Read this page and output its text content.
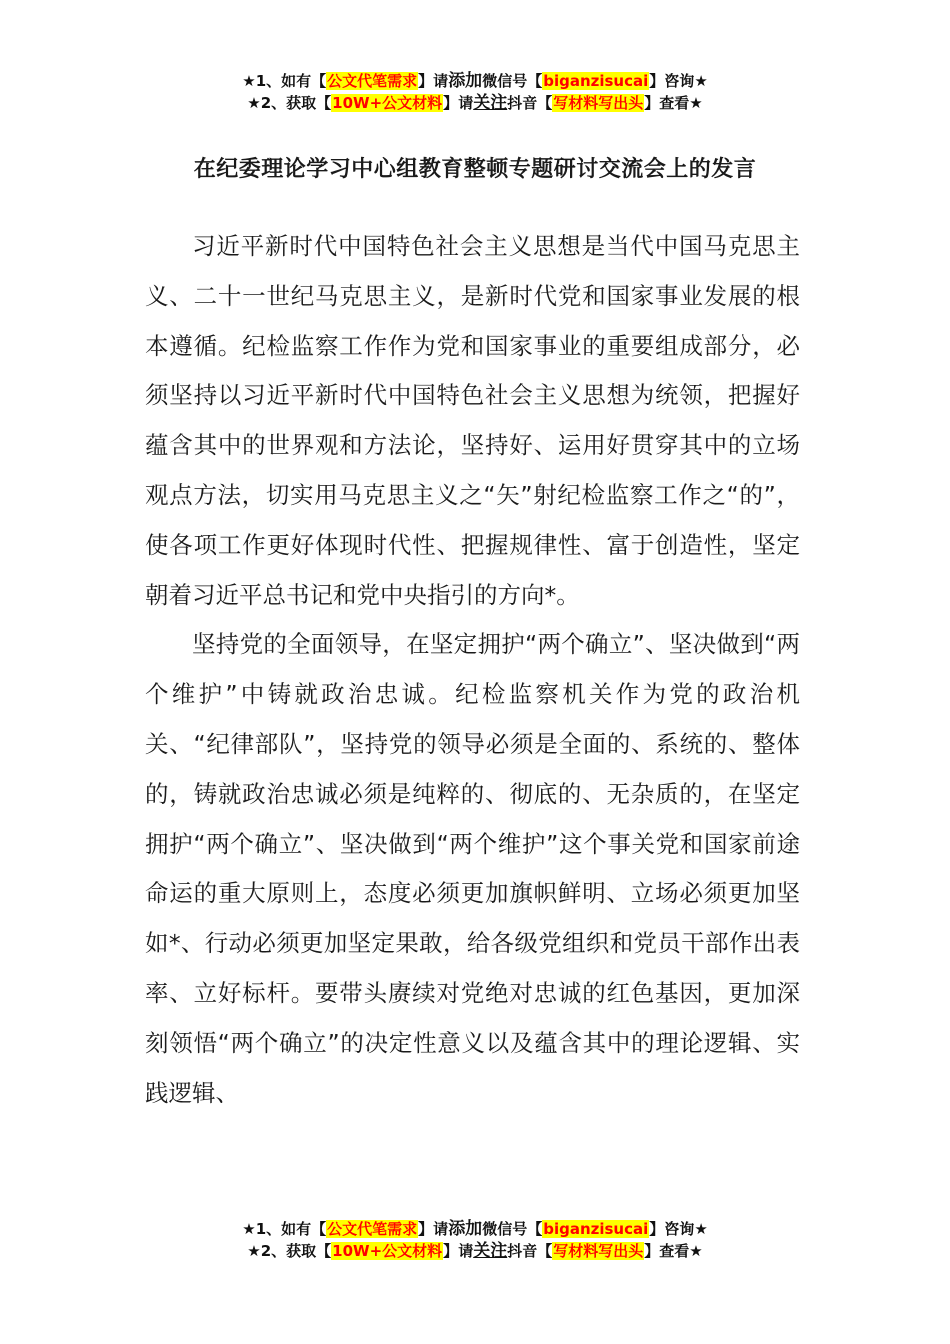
★1、如有【公文代笔需求】请添加微信号【biganzisucai】咨询★
★2、获取【10W+公文材料】请关注抖音【写材料写出头】查看★
在纪委理论学习中心组教育整顿专题研讨交流会上的发言

习近平新时代中国特色社会主义思想是当代中国马克思主义、二十一世纪马克思主义，是新时代党和国家事业发展的根本遵循。纪检监察工作作为党和国家事业的重要组成部分，必须坚持以习近平新时代中国特色社会主义思想为统领，把握好蕴含其中的世界观和方法论，坚持好、运用好贯穿其中的立场观点方法，切实用马克思主义之“矢”射纪检监察工作之“的”，使各项工作更好体现时代性、把握规律性、富于创造性，坚定朝着习近平总书记和党中央指引的方向*。

坚持党的全面领导，在坚定拥护“两个确立”、坚决做到“两个维护”中铸就政治忠诚。纪检监察机关作为党的政治机关、“纪律部队”，坚持党的领导必须是全面的、系统的、整体的，铸就政治忠诚必须是纯粹的、彻底的、无杂质的，在坚定拥护“两个确立”、坚决做到“两个维护”这个事关党和国家前途命运的重大原则上，态度必须更加旗帜鲜明、立场必须更加坚如*、行动必须更加坚定果敢，给各级党组织和党员干部作出表率、立好标杆。要带头赓续对党绝对忠诚的红色基因，更加深刻领悟“两个确立”的决定性意义以及蕴含其中的理论逻辑、实践逻辑、

★1、如有【公文代笔需求】请添加微信号【biganzisucai】咨询★
★2、获取【10W+公文材料】请关注抖音【写材料写出头】查看★
